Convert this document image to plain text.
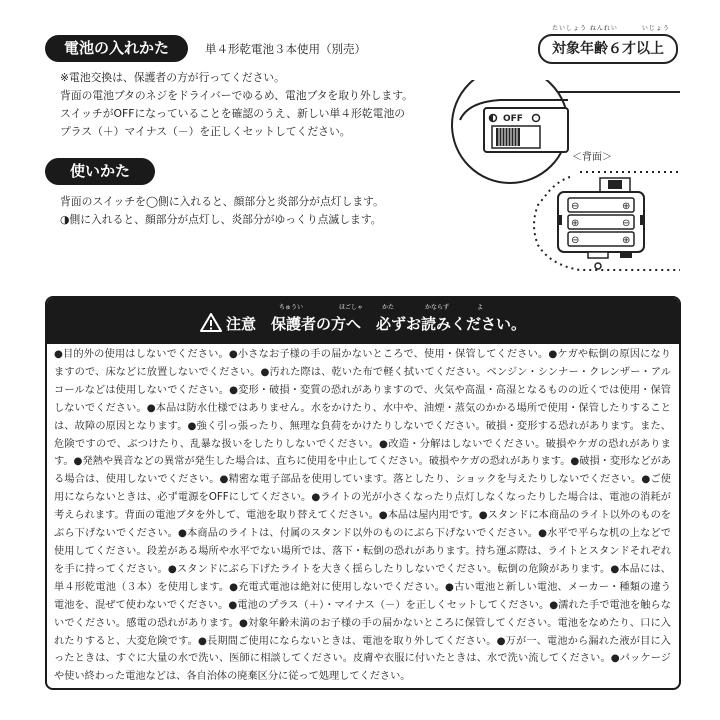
電池の入れかた	単４形乾電池３本使用（別売）
たいしょう ねんれい　　　 いじょう
対象年齢６才以上
※電池交換は、保護者の方が行ってください。
背面の電池ブタのネジをドライバーでゆるめ、電池ブタを取り外します。
スイッチがOFFになっていることを確認のうえ、新しい単４形乾電池の
プラス（＋）マイナス（－）を正しくセットしてください。
使いかた
背面のスイッチを◯側に入れると、顔部分と炎部分が点灯します。
◑側に入れると、顔部分が点灯し、炎部分がゆっくり点滅します。
OFF
＜背面＞
⊖	⊕
⊕	⊖
⊖	⊕
ちゅうい	ほごしゃ	かた	かならず	よ
注意　保護者の方へ　必ずお読みください。
●目的外の使用はしないでください。●小さなお子様の手の届かないところで、使用・保管してください。●ケガや転倒の原因になりますので、床などに放置しないでください。●汚れた際は、乾いた布で軽く拭いてください。ベンジン・シンナー・クレンザー・アルコールなどは使用しないでください。●変形・破損・変質の恐れがありますので、火気や高温・高湿となるものの近くでは使用・保管しないでください。●本品は防水仕様ではありません。水をかけたり、水中や、油煙・蒸気のかかる場所で使用・保管したりすることは、故障の原因となります。●強く引っ張ったり、無理な負荷をかけたりしないでください。破損・変形する恐れがあります。また、危険ですので、ぶつけたり、乱暴な扱いをしたりしないでください。●改造・分解はしないでください。破損やケガの恐れがあります。●発熱や異音などの異常が発生した場合は、直ちに使用を中止してください。破損やケガの恐れがあります。●破損・変形などがある場合は、使用しないでください。●精密な電子部品を使用しています。落としたり、ショックを与えたりしないでください。●ご使用にならないときは、必ず電源をOFFにしてください。●ライトの光が小さくなったり点灯しなくなったりした場合は、電池の消耗が考えられます。背面の電池ブタを外して、電池を取り替えてください。●本品は屋内用です。●スタンドに本商品のライト以外のものをぶら下げないでください。●本商品のライトは、付属のスタンド以外のものにぶら下げないでください。●水平で平らな机の上などで使用してください。段差がある場所や水平でない場所では、落下・転倒の恐れがあります。持ち運ぶ際は、ライトとスタンドそれぞれを手に持ってください。●スタンドにぶら下げたライトを大きく揺らしたりしないでください。転倒の危険があります。●本品には、単４形乾電池（３本）を使用します。●充電式電池は絶対に使用しないでください。●古い電池と新しい電池、メーカー・種類の違う電池を、混ぜて使わないでください。●電池のプラス（＋）・マイナス（－）を正しくセットしてください。●濡れた手で電池を触らないでください。感電の恐れがあります。●対象年齢未満のお子様の手の届かないところに保管してください。電池をなめたり、口に入れたりすると、大変危険です。●長期間ご使用にならないときは、電池を取り外してください。●万が一、電池から漏れた液が目に入ったときは、すぐに大量の水で洗い、医師に相談してください。皮膚や衣服に付いたときは、水で洗い流してください。●パッケージや使い終わった電池などは、各自治体の廃棄区分に従って処理してください。
